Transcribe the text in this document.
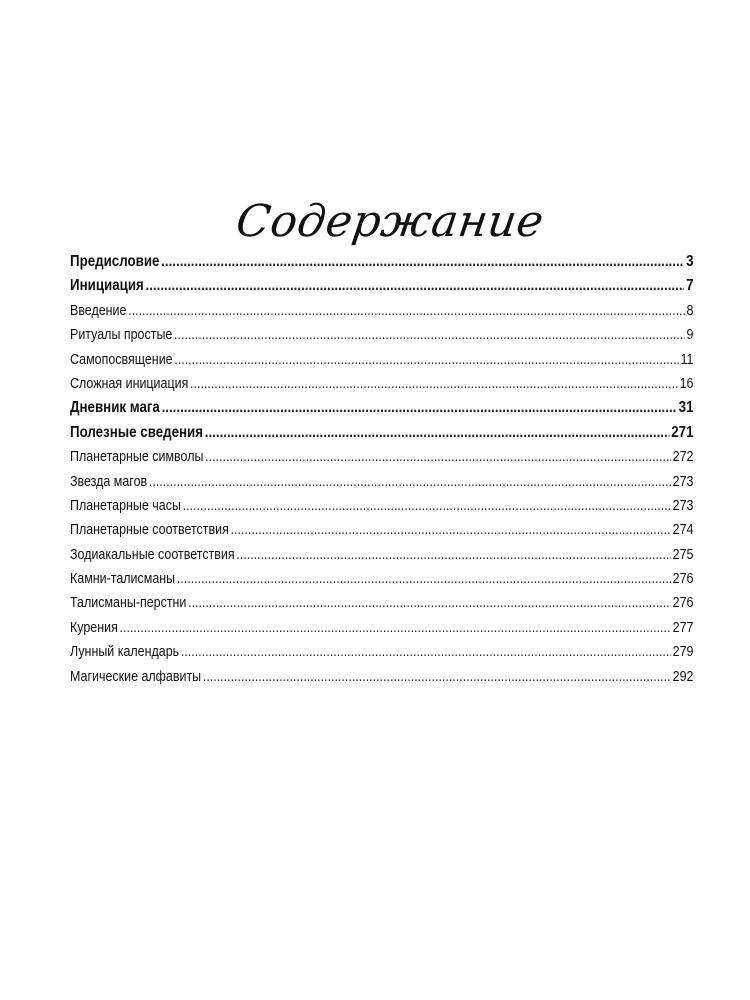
Содержание
Предисловие .....	3
Инициация .....	7
Введение .....	8
Ритуалы простые .....	9
Самопосвящение .....	11
Сложная инициация .....	16
Дневник мага .....	31
Полезные сведения .....	271
Планетарные символы .....	272
Звезда магов .....	273
Планетарные часы .....	273
Планетарные соответствия .....	274
Зодиакальные соответствия .....	275
Камни-талисманы .....	276
Талисманы-перстни .....	276
Курения .....	277
Лунный календарь .....	279
Магические алфавиты .....	292
